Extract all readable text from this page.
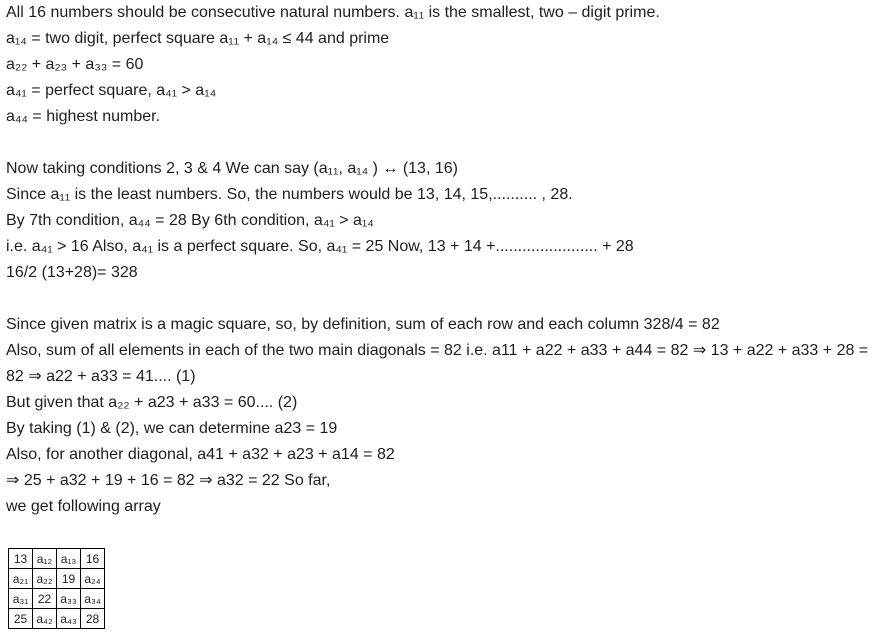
All 16 numbers should be consecutive natural numbers. a₁₁ is the smallest, two – digit prime.
a₁₄ = two digit, perfect square a₁₁ + a₁₄ ≤ 44 and prime
a₂₂ + a₂₃ + a₃₃ = 60
a₄₁ = perfect square, a₄₁ > a₁₄
a₄₄ = highest number.
Now taking conditions 2, 3 & 4 We can say (a₁₁, a₁₄ ) ↔ (13, 16)
Since a₁₁ is the least numbers. So, the numbers would be 13, 14, 15,.......... , 28.
By 7th condition, a₄₄ = 28 By 6th condition, a₄₁ > a₁₄
i.e. a₄₁ > 16 Also, a₄₁ is a perfect square. So, a₄₁ = 25 Now, 13 + 14 +....................... + 28
16/2 (13+28)= 328
Since given matrix is a magic square, so, by definition, sum of each row and each column 328/4 = 82
Also, sum of all elements in each of the two main diagonals = 82 i.e. a11 + a22 + a33 + a44 = 82 ⇒ 13 + a22 + a33 + 28 = 82 ⇒ a22 + a33 = 41.... (1)
But given that a₂₂ + a23 + a33 = 60.... (2)
By taking (1) & (2), we can determine a23 = 19
Also, for another diagonal, a41 + a32 + a23 + a14 = 82
⇒ 25 + a32 + 19 + 16 = 82 ⇒ a32 = 22 So far,
we get following array
13	a₁₂	a₁₃	16
a₂₁	a₂₂	19	a₂₄
a₃₁	22	a₃₃	a₃₄
25	a₄₂	a₄₃	28
